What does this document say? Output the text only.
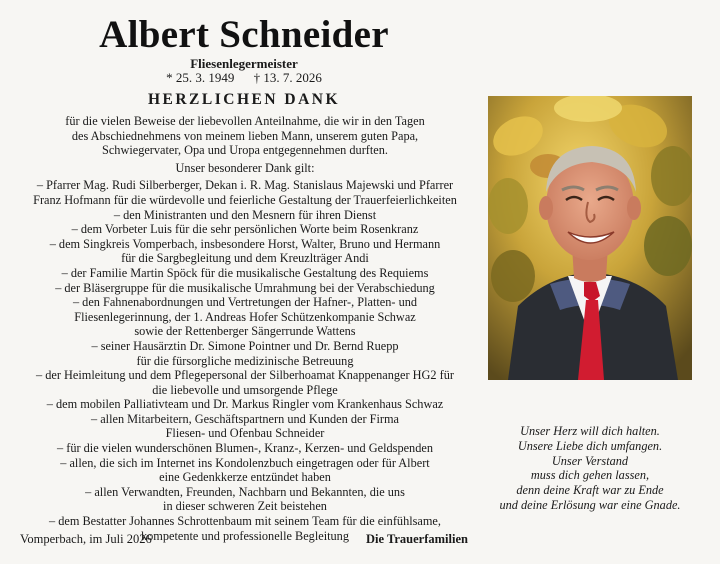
Albert Schneider
Fliesenlegermeister
* 25. 3. 1949 † 13. 7. 2026
HERZLICHEN DANK
für die vielen Beweise der liebevollen Anteilnahme, die wir in den Tagen
des Abschiednehmens von meinem lieben Mann, unserem guten Papa,
Schwiegervater, Opa und Uropa entgegennehmen durften.
Unser besonderer Dank gilt:
– Pfarrer Mag. Rudi Silberberger, Dekan i. R. Mag. Stanislaus Majewski und Pfarrer
Franz Hofmann für die würdevolle und feierliche Gestaltung der Trauerfeierlichkeiten
– den Ministranten und den Mesnern für ihren Dienst
– dem Vorbeter Luis für die sehr persönlichen Worte beim Rosenkranz
– dem Singkreis Vomperbach, insbesondere Horst, Walter, Bruno und Hermann
für die Sargbegleitung und dem Kreuzlträger Andi
– der Familie Martin Spöck für die musikalische Gestaltung des Requiems
– der Bläsergruppe für die musikalische Umrahmung bei der Verabschiedung
– den Fahnenabordnungen und Vertretungen der Hafner-, Platten- und
Fliesenlegerinnung, der 1. Andreas Hofer Schützenkompanie Schwaz
sowie der Rettenberger Sängerrunde Wattens
– seiner Hausärztin Dr. Simone Pointner und Dr. Bernd Ruepp
für die fürsorgliche medizinische Betreuung
– der Heimleitung und dem Pflegepersonal der Silberhoamat Knappenanger HG2 für
die liebevolle und umsorgende Pflege
– dem mobilen Palliativteam und Dr. Markus Ringler vom Krankenhaus Schwaz
– allen Mitarbeitern, Geschäftspartnern und Kunden der Firma
Fliesen- und Ofenbau Schneider
– für die vielen wunderschönen Blumen-, Kranz-, Kerzen- und Geldspenden
– allen, die sich im Internet ins Kondolenzbuch eingetragen oder für Albert
eine Gedenkkerze entzündet haben
– allen Verwandten, Freunden, Nachbarn und Bekannten, die uns
in dieser schweren Zeit beistehen
– dem Bestatter Johannes Schrottenbaum mit seinem Team für die einfühlsame,
kompetente und professionelle Begleitung
Vomperbach, im Juli 2026	Die Trauerfamilien
Unser Herz will dich halten.
Unsere Liebe dich umfangen.
Unser Verstand
muss dich gehen lassen,
denn deine Kraft war zu Ende
und deine Erlösung war eine Gnade.
